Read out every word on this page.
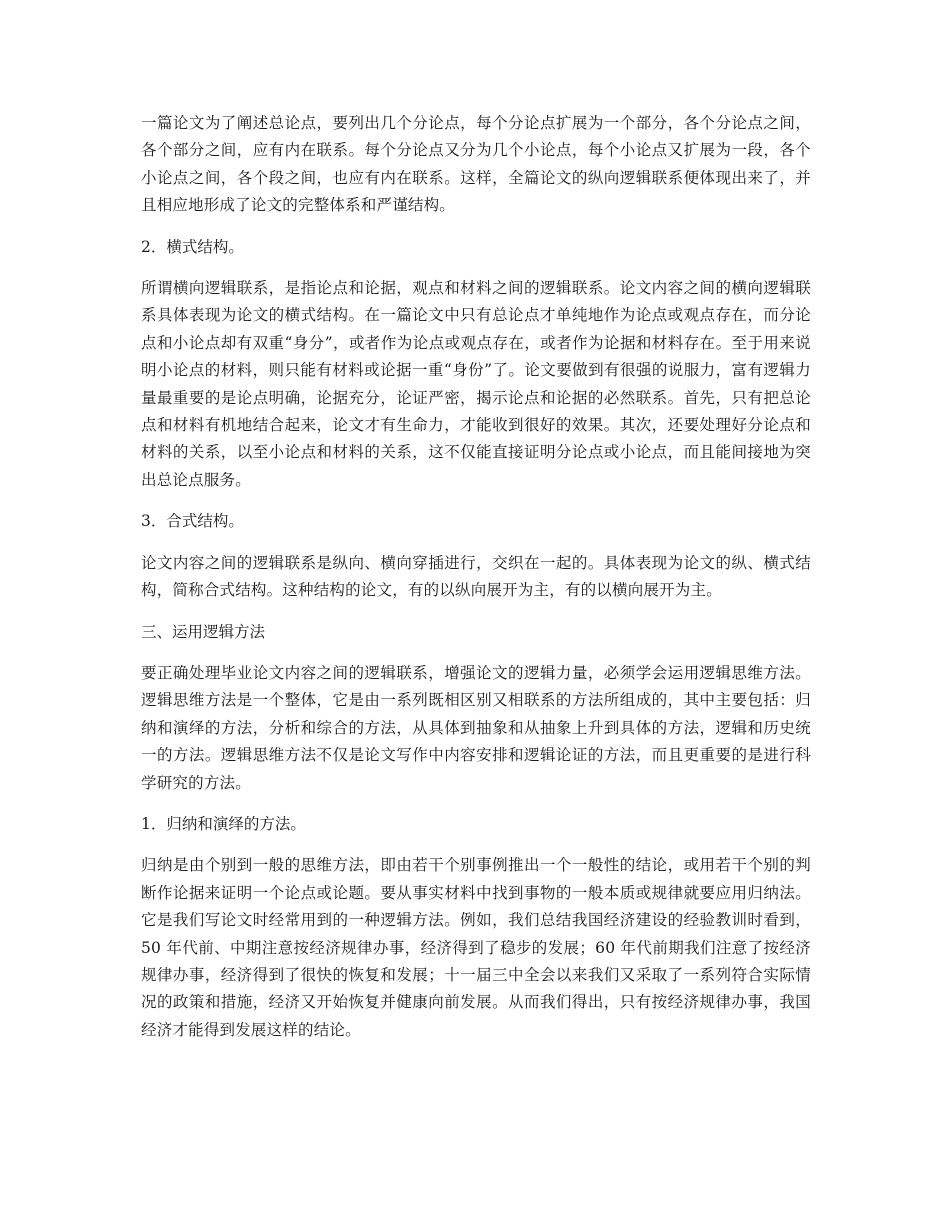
一篇论文为了阐述总论点，要列出几个分论点，每个分论点扩展为一个部分，各个分论点之间，各个部分之间，应有内在联系。每个分论点又分为几个小论点，每个小论点又扩展为一段，各个小论点之间，各个段之间，也应有内在联系。这样，全篇论文的纵向逻辑联系便体现出来了，并且相应地形成了论文的完整体系和严谨结构。

2．横式结构。

所谓横向逻辑联系，是指论点和论据，观点和材料之间的逻辑联系。论文内容之间的横向逻辑联系具体表现为论文的横式结构。在一篇论文中只有总论点才单纯地作为论点或观点存在，而分论点和小论点却有双重“身分”，或者作为论点或观点存在，或者作为论据和材料存在。至于用来说明小论点的材料，则只能有材料或论据一重“身份”了。论文要做到有很强的说服力，富有逻辑力量最重要的是论点明确，论据充分，论证严密，揭示论点和论据的必然联系。首先，只有把总论点和材料有机地结合起来，论文才有生命力，才能收到很好的效果。其次，还要处理好分论点和材料的关系，以至小论点和材料的关系，这不仅能直接证明分论点或小论点，而且能间接地为突出总论点服务。

3．合式结构。

论文内容之间的逻辑联系是纵向、横向穿插进行，交织在一起的。具体表现为论文的纵、横式结构，简称合式结构。这种结构的论文，有的以纵向展开为主，有的以横向展开为主。

三、运用逻辑方法

要正确处理毕业论文内容之间的逻辑联系，增强论文的逻辑力量，必须学会运用逻辑思维方法。逻辑思维方法是一个整体，它是由一系列既相区别又相联系的方法所组成的，其中主要包括：归纳和演绎的方法，分析和综合的方法，从具体到抽象和从抽象上升到具体的方法，逻辑和历史统一的方法。逻辑思维方法不仅是论文写作中内容安排和逻辑论证的方法，而且更重要的是进行科学研究的方法。

1．归纳和演绎的方法。

归纳是由个别到一般的思维方法，即由若干个别事例推出一个一般性的结论，或用若干个别的判断作论据来证明一个论点或论题。要从事实材料中找到事物的一般本质或规律就要应用归纳法。它是我们写论文时经常用到的一种逻辑方法。例如，我们总结我国经济建设的经验教训时看到，50 年代前、中期注意按经济规律办事，经济得到了稳步的发展；60 年代前期我们注意了按经济规律办事，经济得到了很快的恢复和发展；十一届三中全会以来我们又采取了一系列符合实际情况的政策和措施，经济又开始恢复并健康向前发展。从而我们得出，只有按经济规律办事，我国经济才能得到发展这样的结论。
